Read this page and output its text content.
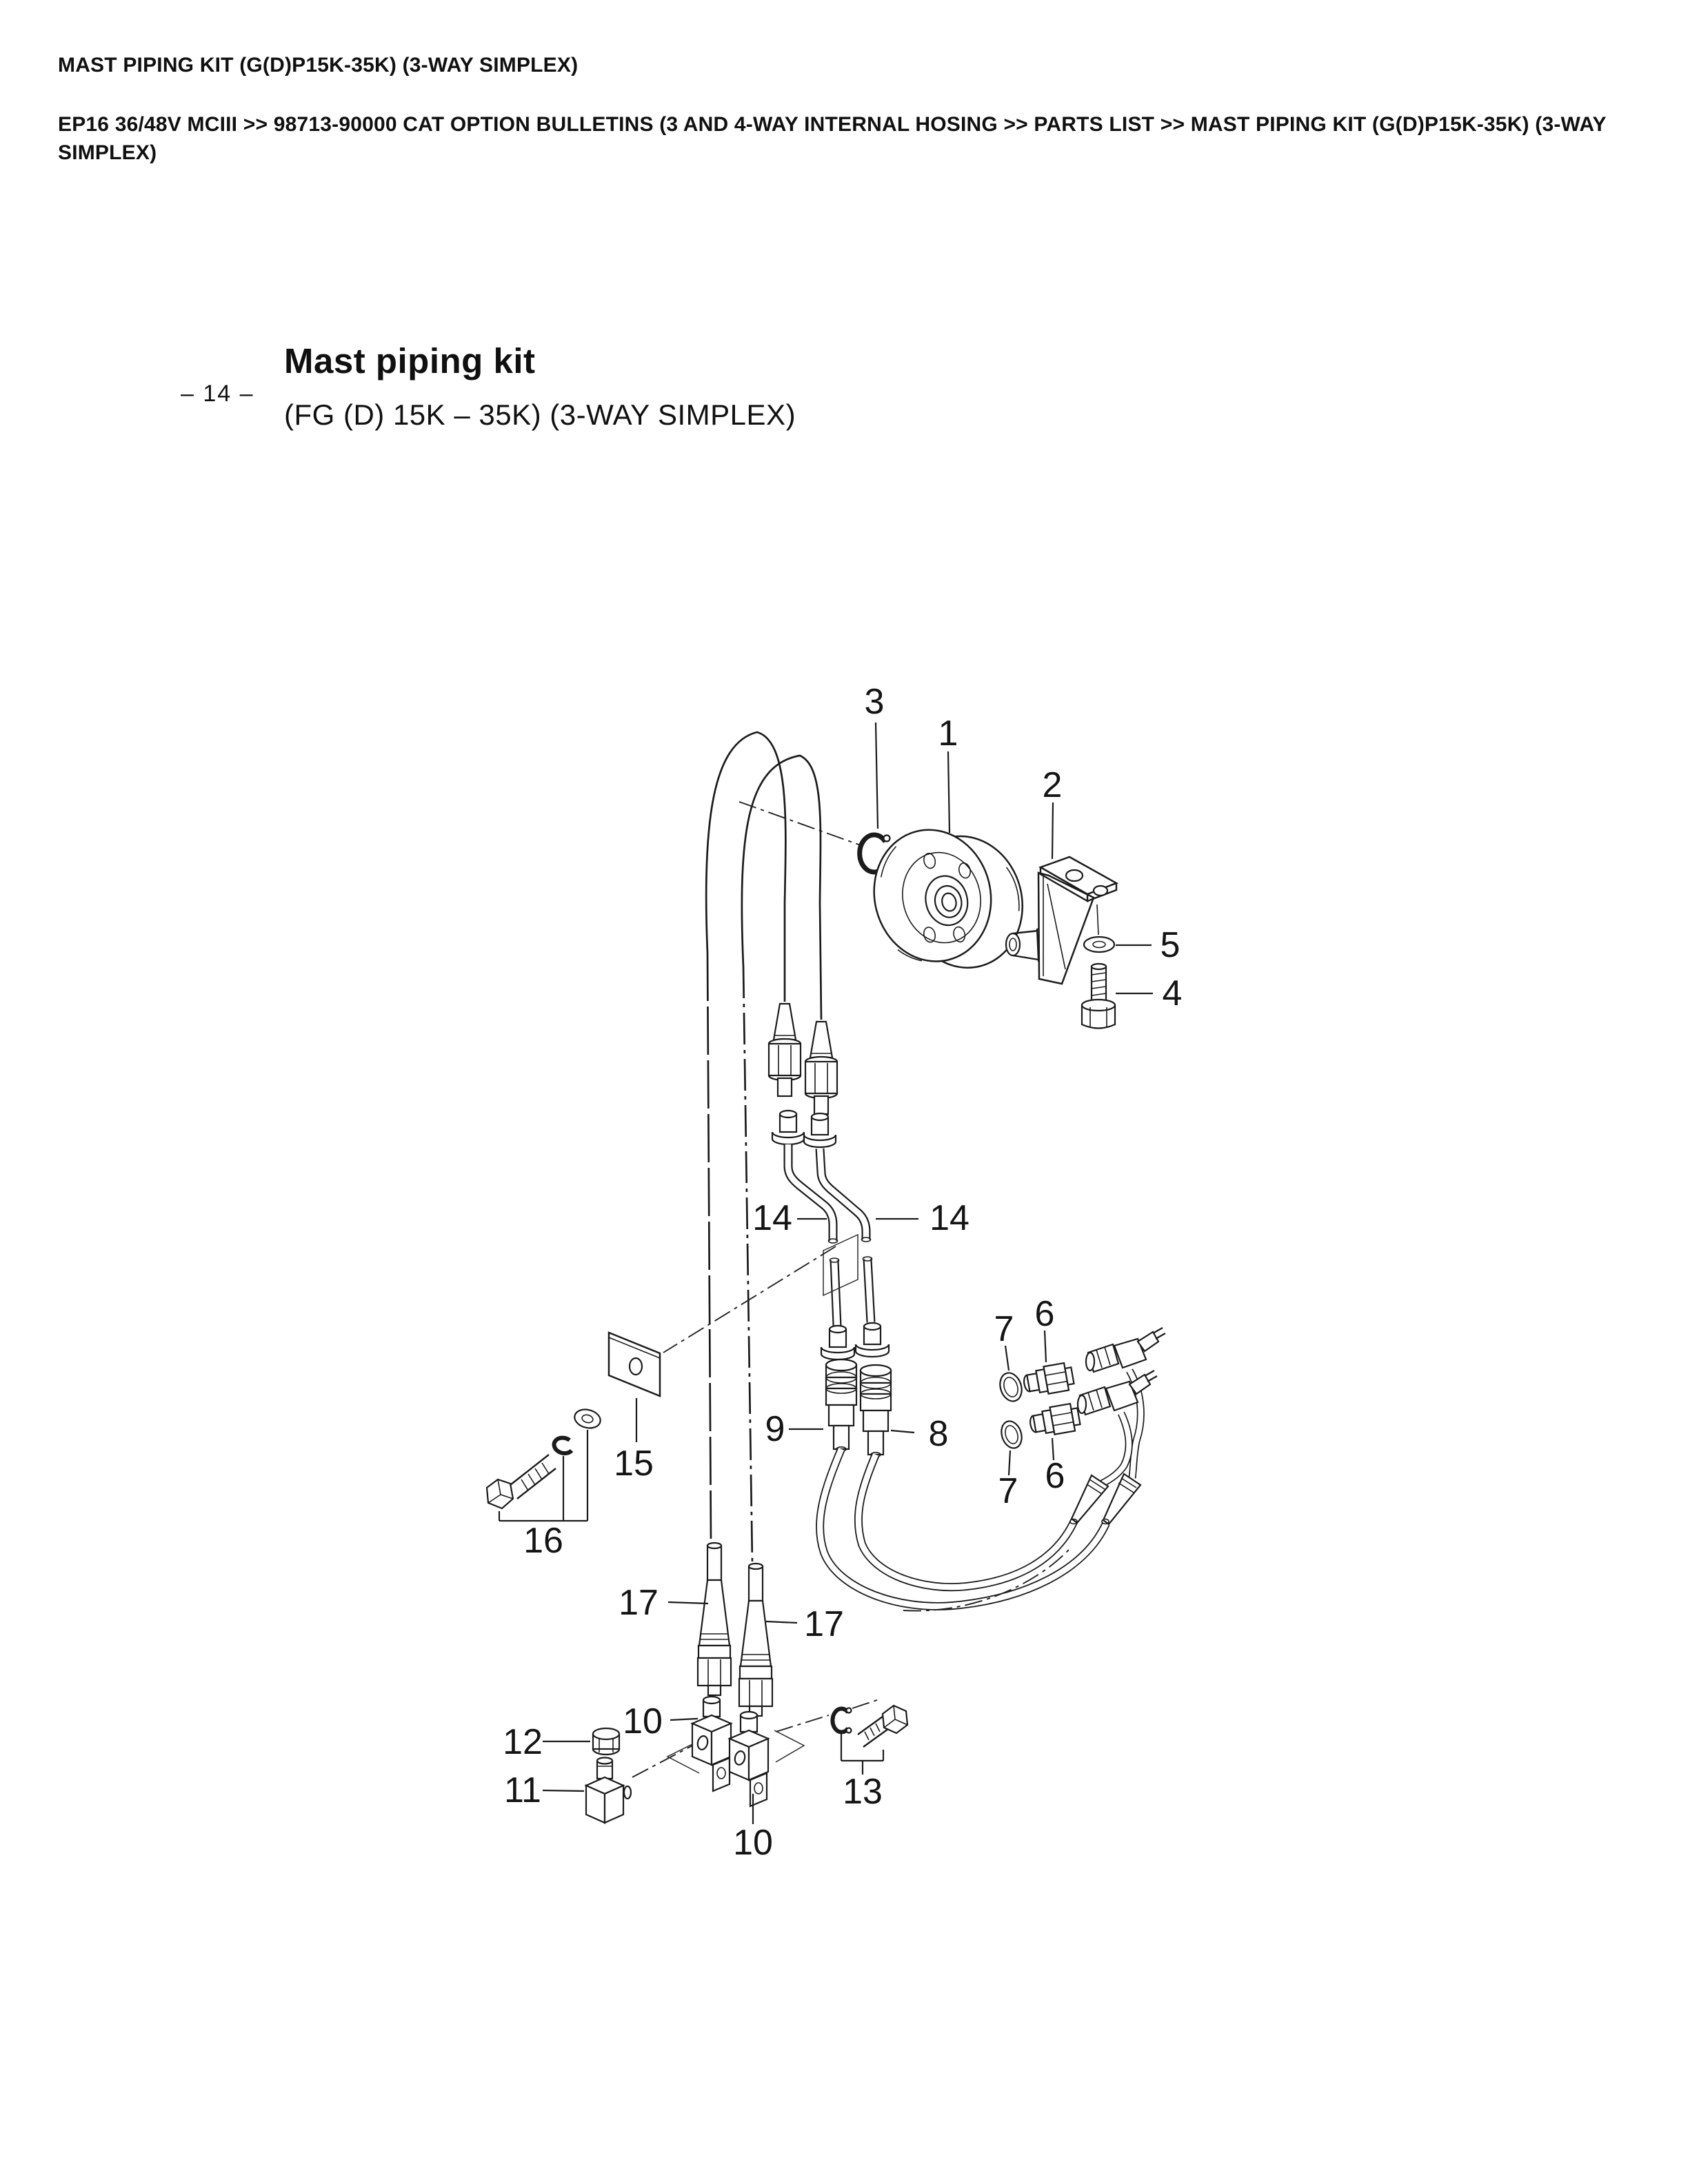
MAST PIPING KIT (G(D)P15K-35K) (3-WAY SIMPLEX)
EP16 36/48V MCIII >> 98713-90000 CAT OPTION BULLETINS (3 AND 4-WAY INTERNAL HOSING >> PARTS LIST >> MAST PIPING KIT (G(D)P15K-35K) (3-WAY SIMPLEX)
– 14 –
Mast piping kit
(FG (D) 15K – 35K) (3-WAY SIMPLEX)
3
1
2
5
4
14	14
7 6
9	8
6
7
15
16
17
17
12
10
11	13
10
